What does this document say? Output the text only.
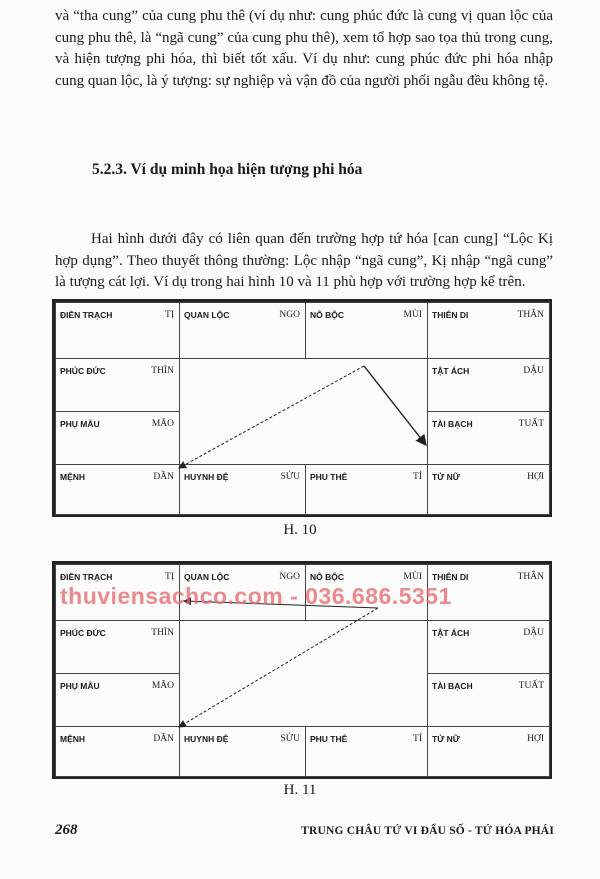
và “tha cung” của cung phu thê (ví dụ như: cung phúc đức là cung vị quan lộc của cung phu thê, là “ngã cung” của cung phu thê), xem tổ hợp sao tọa thủ trong cung, và hiện tượng phi hóa, thì biết tốt xấu. Ví dụ như: cung phúc đức phi hóa nhập cung quan lộc, là ý tượng: sự nghiệp và vận đồ của người phối ngẫu đều không tệ.
5.2.3. Ví dụ minh họa hiện tượng phi hóa
Hai hình dưới đây có liên quan đến trường hợp tứ hóa [can cung] “Lộc Kị hợp dụng”. Theo thuyết thông thường: Lộc nhập “ngã cung”, Kị nhập “ngã cung” là tượng cát lợi. Ví dụ trong hai hình 10 và 11 phù hợp với trường hợp kể trên.
ĐIỀN TRẠCH	TỊ QUAN LỘC	NGO NÔ BỘC	MÙI THIÊN DI	THÂN
PHÚC ĐỨC	THÌN	TẬT ÁCH	DẬU
PHỤ MẪU	MÃO	TÀI BẠCH	TUẤT
MỆNH	DẦN HUYNH ĐỆ	SỬU PHU THÊ	TÍ TỬ NỮ	HỢI
H. 10
ĐIỀN TRẠCH	TỊ QUAN LỘC	NGO NÔ BỘC	MÙI THIÊN DI	THÂN
PHÚC ĐỨC	THÌN	TẬT ÁCH	DẬU
PHỤ MẪU	MÃO	TÀI BẠCH	TUẤT
MỆNH	DẦN HUYNH ĐỆ	SỬU PHU THÊ	TÍ TỬ NỮ	HỢI
H. 11
thuviensachco.com - 036.686.5351
268	TRUNG CHÂU TỨ VI ĐẨU SỐ - TỨ HÓA PHÁI
